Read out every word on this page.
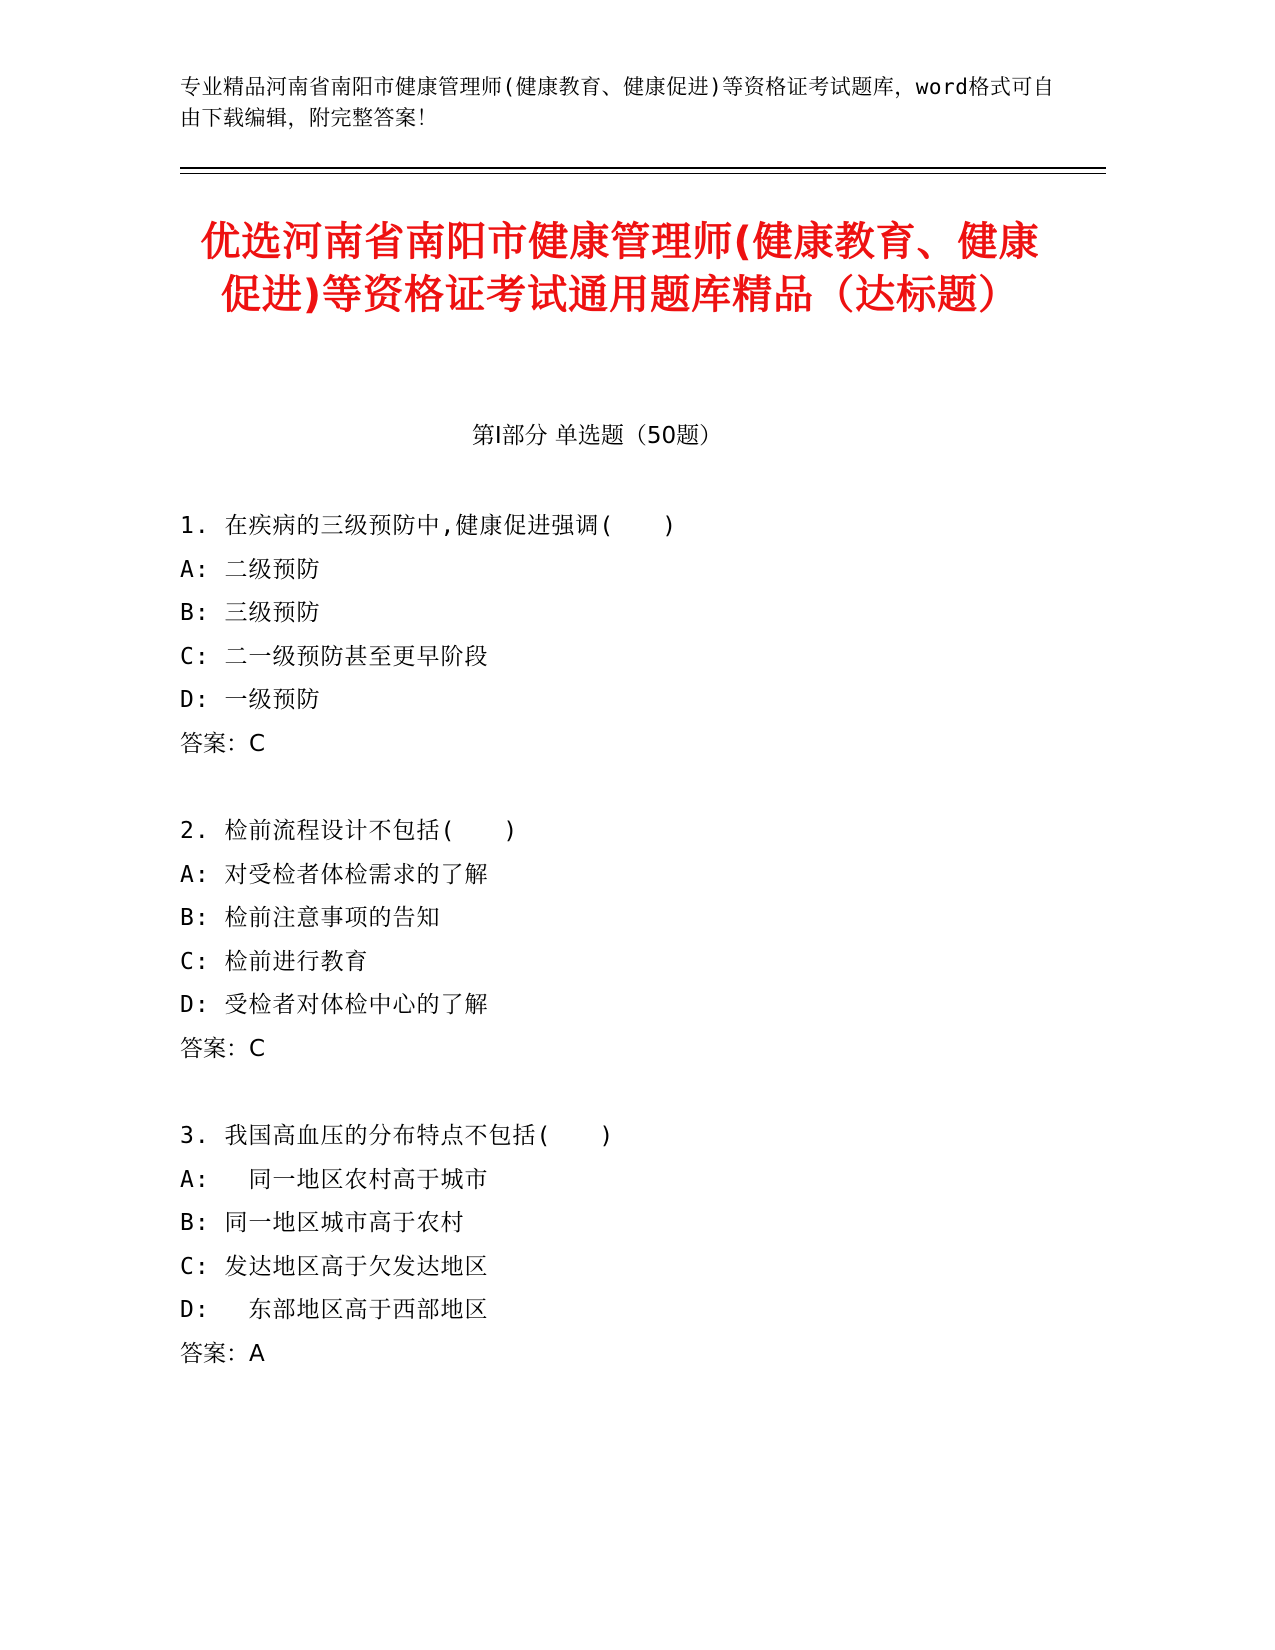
专业精品河南省南阳市健康管理师(健康教育、健康促进)等资格证考试题库，word格式可自由下载编辑，附完整答案！
优选河南省南阳市健康管理师(健康教育、健康促进)等资格证考试通用题库精品（达标题）
第Ⅰ部分 单选题（50题）
1. 在疾病的三级预防中,健康促进强调(　　)
A: 二级预防
B: 三级预防
C: 二一级预防甚至更早阶段
D: 一级预防
答案：C
2. 检前流程设计不包括(　　)
A: 对受检者体检需求的了解
B: 检前注意事项的告知
C: 检前进行教育
D: 受检者对体检中心的了解
答案：C
3. 我国高血压的分布特点不包括(　　)
A: 　同一地区农村高于城市
B: 同一地区城市高于农村
C: 发达地区高于欠发达地区
D: 　东部地区高于西部地区
答案：A
